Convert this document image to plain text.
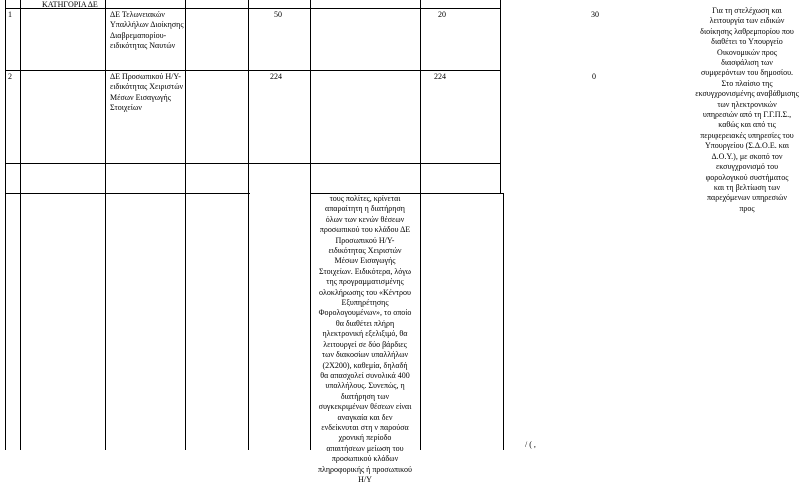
ΚΑΤΗΓΟΡΙΑ ΔΕ
1	ΔΕ Τελωνειακών
Υπαλλήλων Διοίκησης
Διαβρεμαπορίου-
ειδικότητας Ναυτών
50	20	30
2	ΔΕ Προσωπικού Η/Υ-
ειδικότητας Χειριστών
Μέσων Εισαγωγής
Στοιχείων
224	224	0
Για τη στελέχωση και
λειτουργία των ειδικών
διοίκησης λαθρεμπορίου που
διαθέτει το Υπουργείο
Οικονομικών προς
διασφάλιση των
συμφερόντων του δημοσίου.
Στο πλαίσιο της
εκσυγχρονισμένης αναβάθμισης
των ηλεκτρονικών
υπηρεσιών από τη Γ.Γ.Π.Σ.,
καθώς και από τις
περιφερειακές υπηρεσίες του
Υπουργείου (Σ.Δ.Ο.Ε. και
Δ.Ο.Υ.), με σκοπό τον
εκσυγχρονισμό του
φορολογικού συστήματος
και τη βελτίωση των
παρεχόμενων υπηρεσιών
προς
τους πολίτες, κρίνεται
απαραίτητη η διατήρηση
όλων των κενών θέσεων
προσωπικού του κλάδου ΔΕ
Προσωπικού Η/Υ-
ειδικότητας Χειριστών
Μέσων Εισαγωγής
Στοιχείων. Ειδικότερα, λόγω
της προγραμματισμένης
ολοκλήρωσης του «Κέντρου
Εξυπηρέτησης
Φορολογουμένων», το οποίο
θα διαθέτει πλήρη
ηλεκτρονική εξελιξιμό, θα
λειτουργεί σε δύο βάρδιες
των διακοσίων υπαλλήλων
(2Χ200), καθεμία, δηλαδή
θα απασχολεί συνολικά 400
υπαλλήλους. Συνεπώς, η
διατήρηση των
συγκεκριμένων θέσεων είναι
αναγκαία και δεν
ενδείκνυται στη ν παρούσα
χρονική περίοδο
απαιτήσεων μείωση του
προσωπικού κλάδων
πληροφορικής ή προσωπικού
Η/Υ
/ ( ,
